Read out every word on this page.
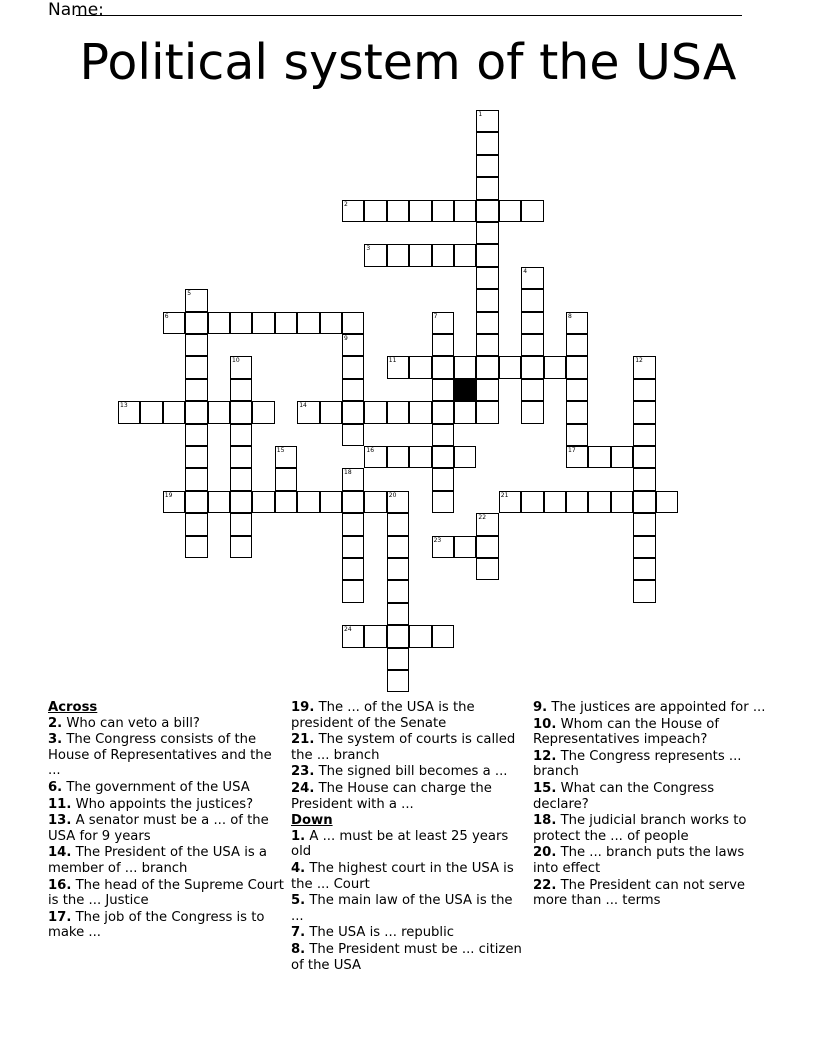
Name:
Political system of the USA
1
2
3
4
5
6	7	8
17
9
10	11	12
13	14
15	16
18
19	20	21
22
23
24
Across
2. Who can veto a bill?
3. The Congress consists of the House of Representatives and the ...
6. The government of the USA
11. Who appoints the justices?
13. A senator must be a ... of the USA for 9 years
14. The President of the USA is a member of ... branch
16. The head of the Supreme Court is the ... Justice
17. The job of the Congress is to make ...
19. The ... of the USA is the president of the Senate
21. The system of courts is called the ... branch
23. The signed bill becomes a ...
24. The House can charge the President with a ...
Down
1. A ... must be at least 25 years old
4. The highest court in the USA is the ... Court
5. The main law of the USA is the ...
7. The USA is ... republic
8. The President must be ... citizen of the USA
9. The justices are appointed for ...
10. Whom can the House of Representatives impeach?
12. The Congress represents ... branch
15. What can the Congress declare?
18. The judicial branch works to protect the ... of people
20. The ... branch puts the laws into effect
22. The President can not serve more than ... terms
